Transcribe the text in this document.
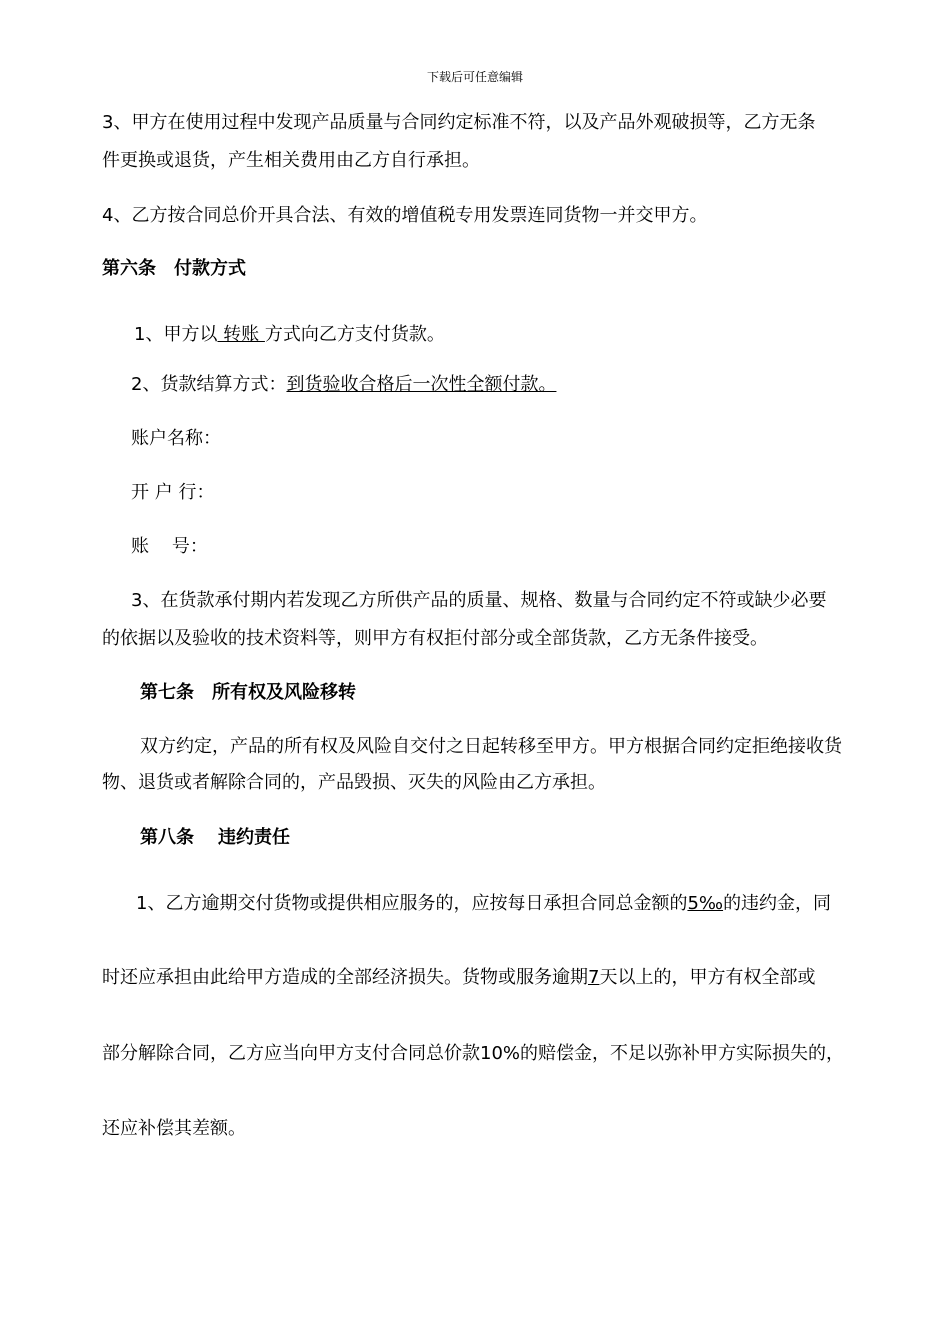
下载后可任意编辑
3、甲方在使用过程中发现产品质量与合同约定标准不符，以及产品外观破损等，乙方无条
件更换或退货，产生相关费用由乙方自行承担。
4、乙方按合同总价开具合法、有效的增值税专用发票连同货物一并交甲方。
第六条 付款方式
1、甲方以 转账 方式向乙方支付货款。
2、货款结算方式：到货验收合格后一次性全额付款。
账户名称：
开 户 行：
账    号：
3、在货款承付期内若发现乙方所供产品的质量、规格、数量与合同约定不符或缺少必要
的依据以及验收的技术资料等，则甲方有权拒付部分或全部货款，乙方无条件接受。
第七条 所有权及风险移转
双方约定，产品的所有权及风险自交付之日起转移至甲方。甲方根据合同约定拒绝接收货
物、退货或者解除合同的，产品毁损、灭失的风险由乙方承担。
第八条 违约责任
1、乙方逾期交付货物或提供相应服务的，应按每日承担合同总金额的5‰的违约金，同
时还应承担由此给甲方造成的全部经济损失。货物或服务逾期7天以上的，甲方有权全部或
部分解除合同，乙方应当向甲方支付合同总价款10%的赔偿金，不足以弥补甲方实际损失的，
还应补偿其差额。
